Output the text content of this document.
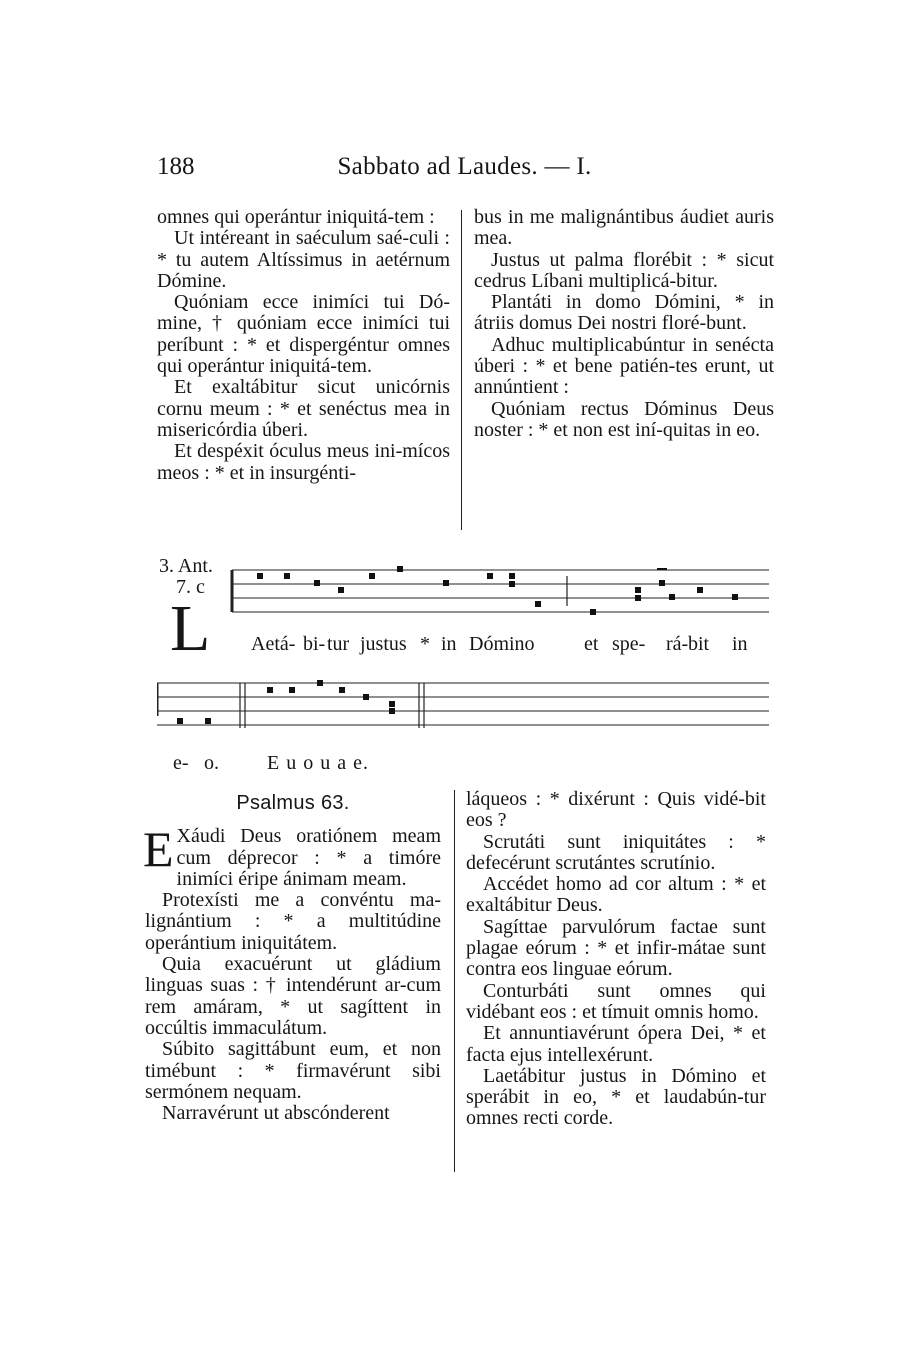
188	Sabbato ad Laudes. — I.

omnes qui operántur iniquitá-tem :

Ut intéreant in saéculum saé-culi : * tu autem Altíssimus in aetérnum Dómine.

Quóniam ecce inimíci tui Dó-mine, † quóniam ecce inimíci tui períbunt : * et dispergéntur omnes qui operántur iniquitá-tem.

Et exaltábitur sicut unicórnis cornu meum : * et senéctus mea in misericórdia úberi.

Et despéxit óculus meus ini-mícos meos : * et in insurgénti-

bus in me malignántibus áudiet auris mea.

Justus ut palma florébit : * sicut cedrus Líbani multiplicá-bitur.

Plantáti in domo Dómini, * in átriis domus Dei nostri floré-bunt.

Adhuc multiplicabúntur in senécta úberi : * et bene patién-tes erunt, ut annúntient :

Quóniam rectus Dóminus Deus noster : * et non est iní-quitas in eo.

3. Ant.
7. c
L Aetá- bi- tur justus * in Dómino et spe- rá- bit in
e- o. E u o u a e.
Psalmus 63.

E Xáudi Deus oratiónem meam cum déprecor : * a timóre inimíci éripe ánimam meam.

Protexísti me a convéntu ma-lignántium : * a multitúdine operántium iniquitátem.

Quia exacuérunt ut gládium linguas suas : † intendérunt ar-cum rem amáram, * ut sagíttent in occúltis immaculátum.

Súbito sagittábunt eum, et non timébunt : * firmavérunt sibi sermónem nequam.

Narravérunt ut abscónderent

láqueos : * dixérunt : Quis vidé-bit eos ?

Scrutáti sunt iniquitátes : * defecérunt scrutántes scrutínio.

Accédet homo ad cor altum : * et exaltábitur Deus.

Sagíttae parvulórum factae sunt plagae eórum : * et infir-mátae sunt contra eos linguae eórum.

Conturbáti sunt omnes qui vidébant eos : et tímuit omnis homo.

Et annuntiavérunt ópera Dei, * et facta ejus intellexérunt.

Laetábitur justus in Dómino et sperábit in eo, * et laudabún-tur omnes recti corde.
